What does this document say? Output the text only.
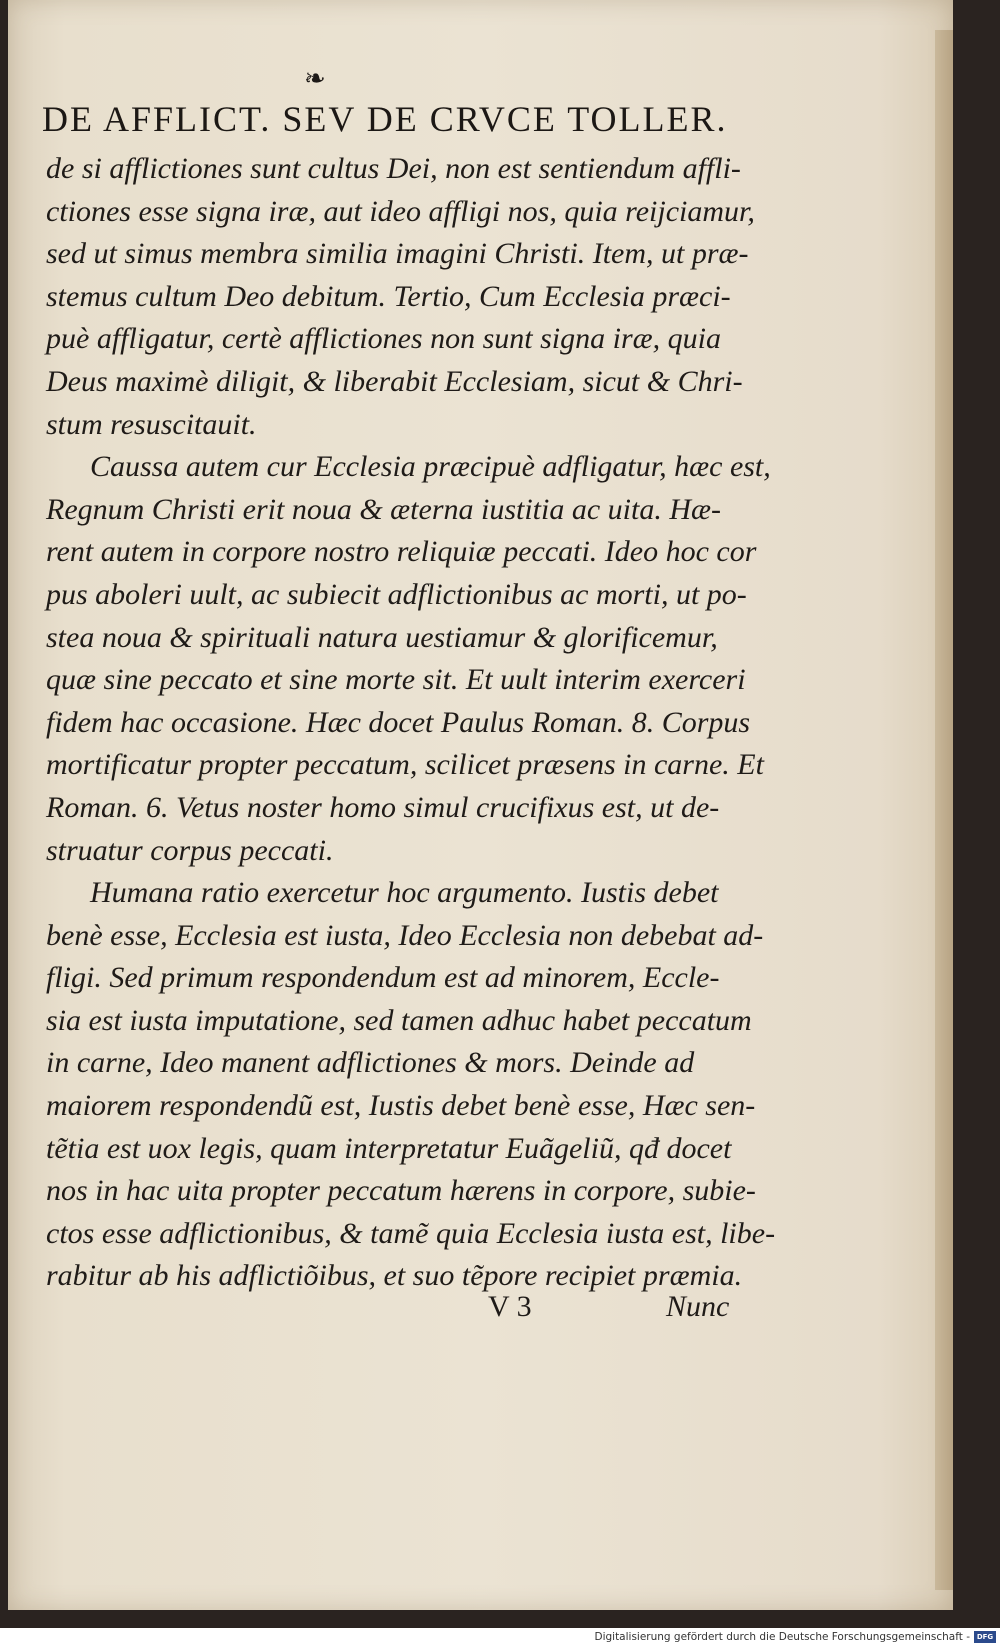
❧
DE AFFLICT. SEV DE CRVCE TOLLER.
de si afflictiones sunt cultus Dei, non est sentiendum affli-
ctiones esse signa iræ, aut ideo affligi nos, quia reijciamur,
sed ut simus membra similia imagini Christi. Item, ut præ-
stemus cultum Deo debitum. Tertio, Cum Ecclesia præci-
puè affligatur, certè afflictiones non sunt signa iræ, quia
Deus maximè diligit, & liberabit Ecclesiam, sicut & Chri-
stum resuscitauit.
Caussa autem cur Ecclesia præcipuè adfligatur, hæc est,
Regnum Christi erit noua & æterna iustitia ac uita. Hæ-
rent autem in corpore nostro reliquiæ peccati. Ideo hoc cor
pus aboleri uult, ac subiecit adflictionibus ac morti, ut po-
stea noua & spirituali natura uestiamur & glorificemur,
quæ sine peccato et sine morte sit. Et uult interim exerceri
fidem hac occasione. Hæc docet Paulus Roman. 8. Corpus
mortificatur propter peccatum, scilicet præsens in carne. Et
Roman. 6. Vetus noster homo simul crucifixus est, ut de-
struatur corpus peccati.
Humana ratio exercetur hoc argumento. Iustis debet
benè esse, Ecclesia est iusta, Ideo Ecclesia non debebat ad-
fligi. Sed primum respondendum est ad minorem, Eccle-
sia est iusta imputatione, sed tamen adhuc habet peccatum
in carne, Ideo manent adflictiones & mors. Deinde ad
maiorem respondendũ est, Iustis debet benè esse, Hæc sen-
tẽtia est uox legis, quam interpretatur Euãgeliũ, qđ docet
nos in hac uita propter peccatum hærens in corpore, subie-
ctos esse adflictionibus, & tamẽ quia Ecclesia iusta est, libe-
rabitur ab his adflictiõibus, et suo tẽpore recipiet præmia.
V 3	Nunc
Digitalisierung gefördert durch die Deutsche Forschungsgemeinschaft - DFG
